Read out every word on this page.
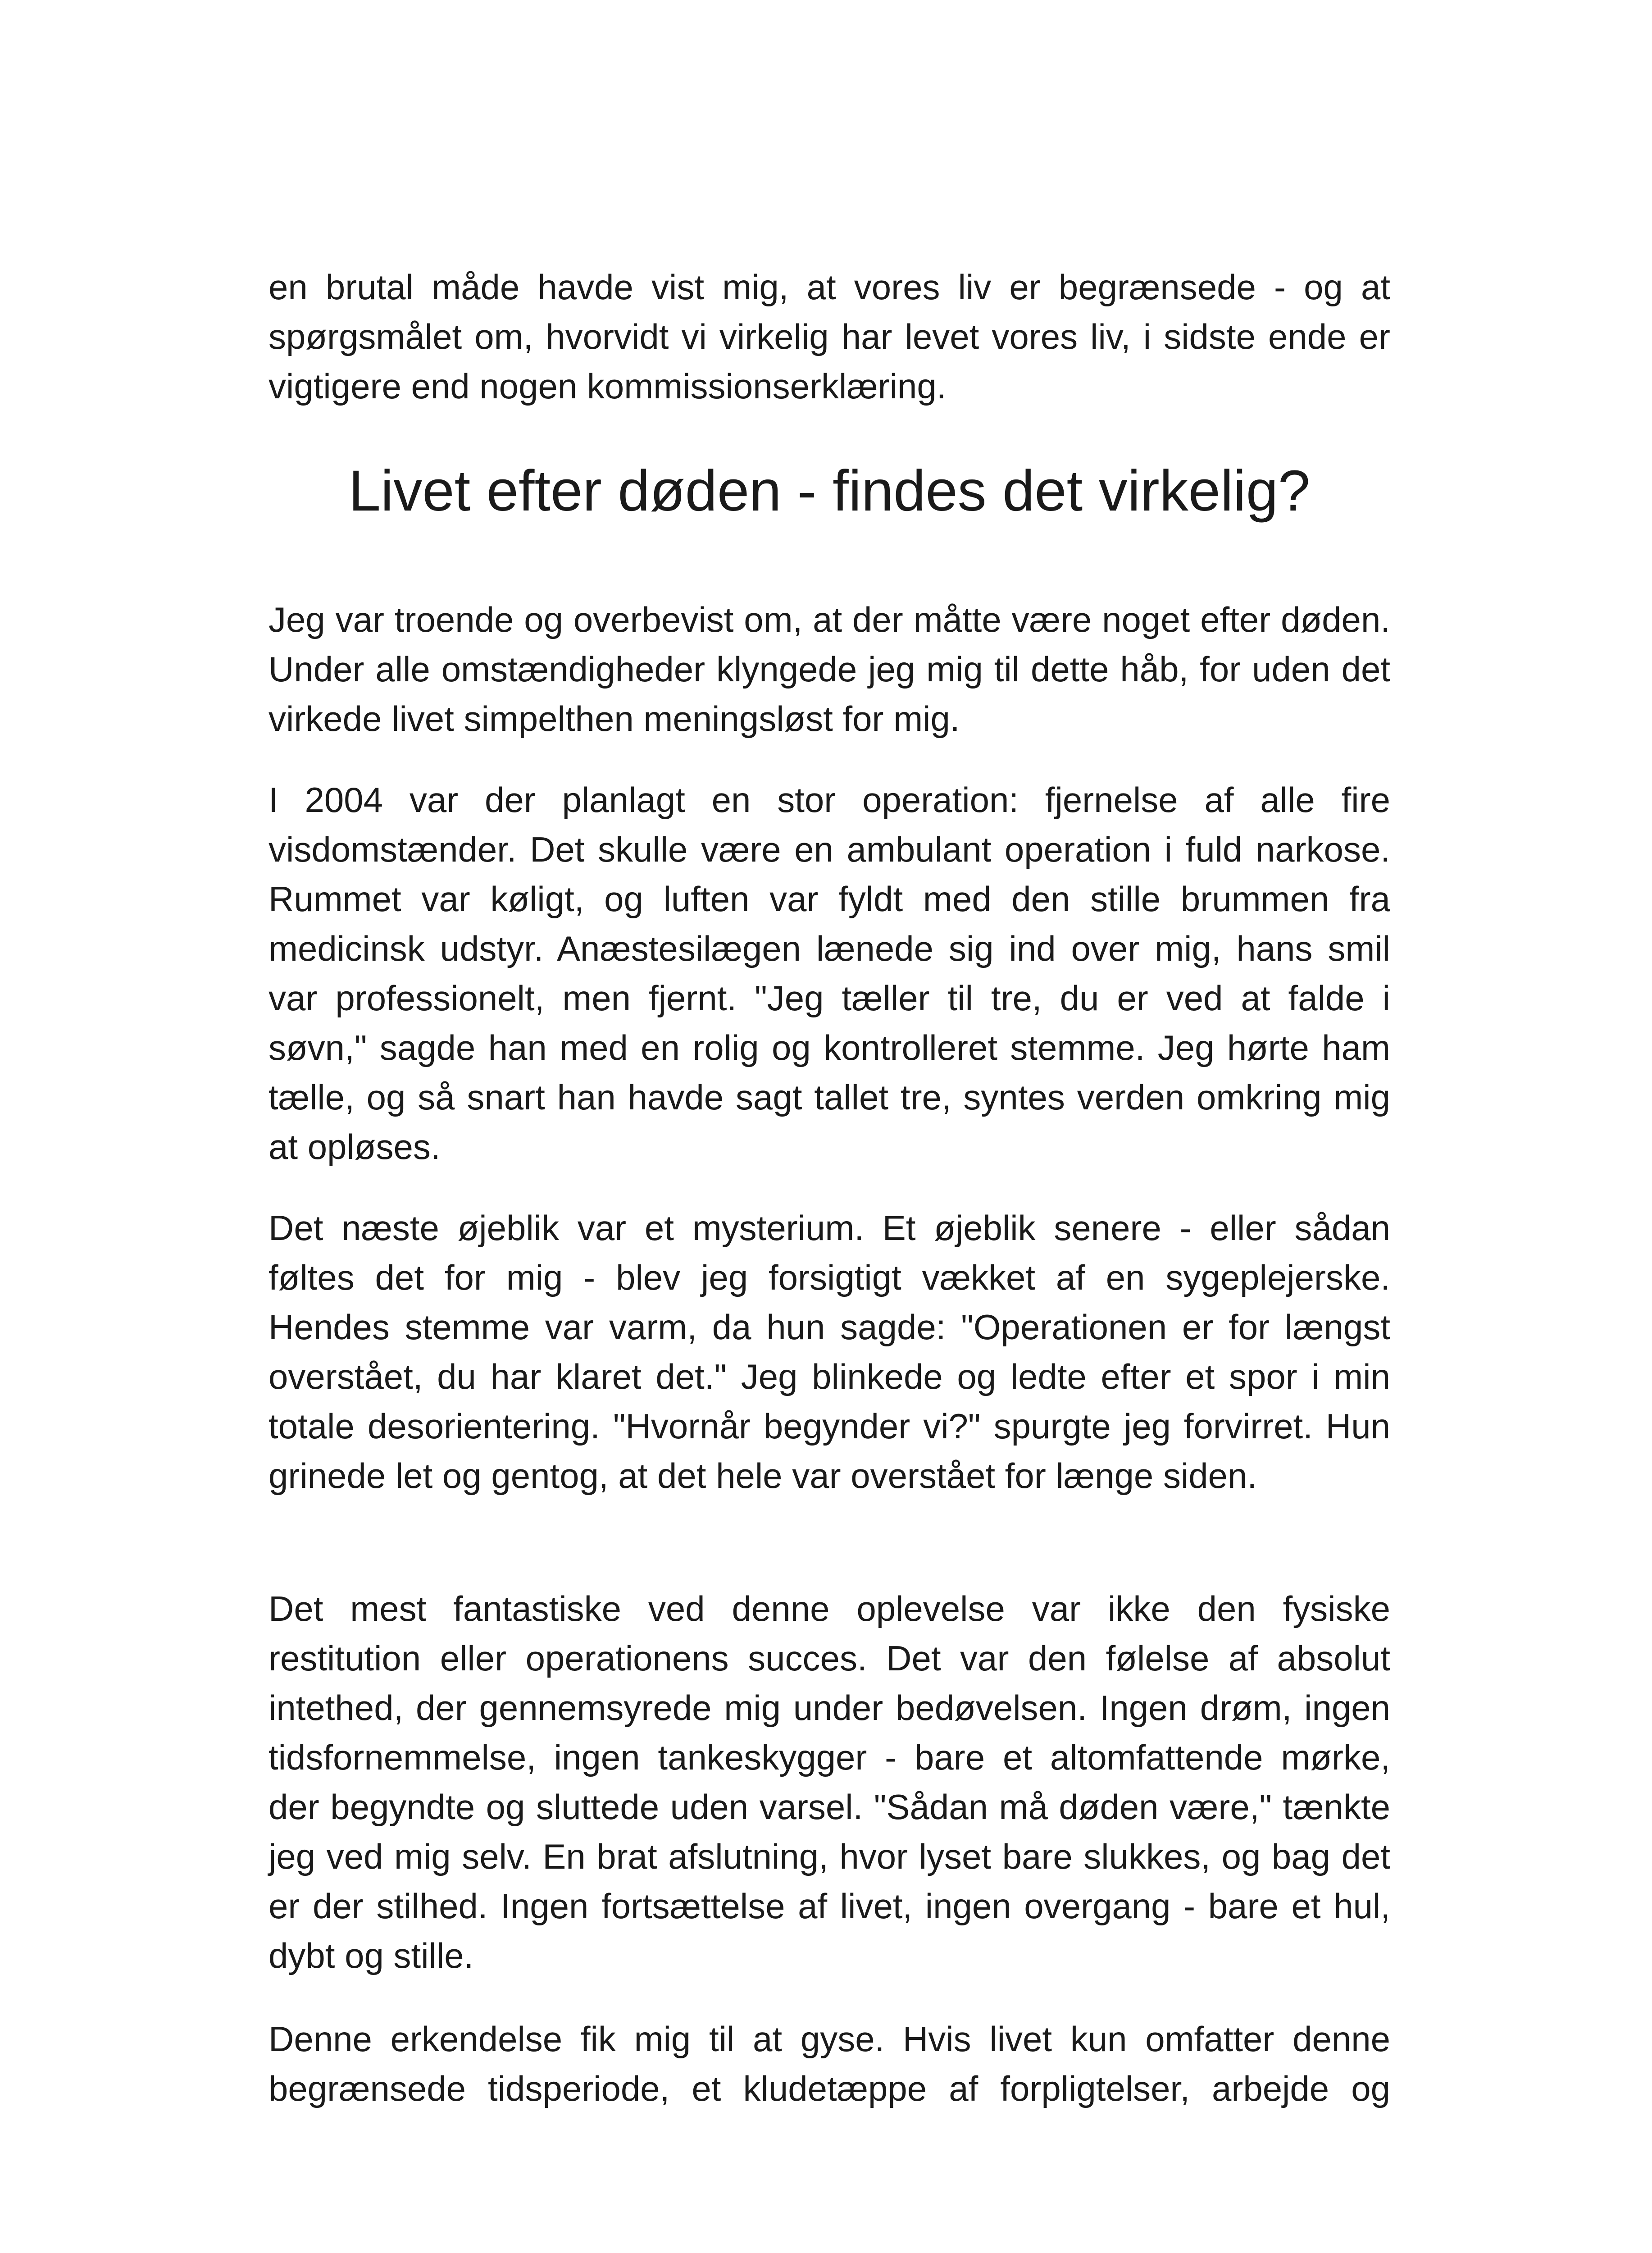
en brutal måde havde vist mig, at vores liv er begrænsede - og at spørgsmålet om, hvorvidt vi virkelig har levet vores liv, i sidste ende er vigtigere end nogen kommissionserklæring.

Livet efter døden - findes det virkelig?

Jeg var troende og overbevist om, at der måtte være noget efter døden. Under alle omstændigheder klyngede jeg mig til dette håb, for uden det virkede livet simpelthen meningsløst for mig.

I 2004 var der planlagt en stor operation: fjernelse af alle fire visdomstænder. Det skulle være en ambulant operation i fuld narkose. Rummet var køligt, og luften var fyldt med den stille brummen fra medicinsk udstyr. Anæstesilægen lænede sig ind over mig, hans smil var professionelt, men fjernt. "Jeg tæller til tre, du er ved at falde i søvn," sagde han med en rolig og kontrolleret stemme. Jeg hørte ham tælle, og så snart han havde sagt tallet tre, syntes verden omkring mig at opløses.

Det næste øjeblik var et mysterium. Et øjeblik senere - eller sådan føltes det for mig - blev jeg forsigtigt vækket af en sygeplejerske. Hendes stemme var varm, da hun sagde: "Operationen er for længst overstået, du har klaret det." Jeg blinkede og ledte efter et spor i min totale desorientering. "Hvornår begynder vi?" spurgte jeg forvirret. Hun grinede let og gentog, at det hele var overstået for længe siden.

Det mest fantastiske ved denne oplevelse var ikke den fysiske restitution eller operationens succes. Det var den følelse af absolut intethed, der gennemsyrede mig under bedøvelsen. Ingen drøm, ingen tidsfornemmelse, ingen tankeskygger - bare et altomfattende mørke, der begyndte og sluttede uden varsel. "Sådan må døden være," tænkte jeg ved mig selv. En brat afslutning, hvor lyset bare slukkes, og bag det er der stilhed. Ingen fortsættelse af livet, ingen overgang - bare et hul, dybt og stille.

Denne erkendelse fik mig til at gyse. Hvis livet kun omfatter denne begrænsede tidsperiode, et kludetæppe af forpligtelser, arbejde og
